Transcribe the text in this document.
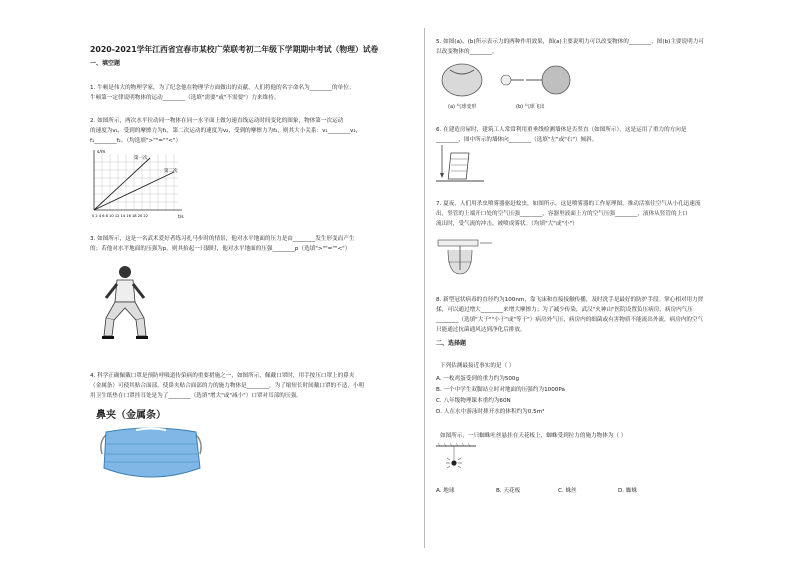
2020-2021学年江西省宜春市某校广荣联考初二年级下学期期中考试（物理）试卷
一、填空题
1. 牛顿是伟大的物理学家，为了纪念他在物理学方面做出的贡献，人们将他的名字命名为________的单位；
牛顿第一定律说明物体的运动________（选填"需要"或"不需要"）力来维持。
2. 如图所示，两次水平拉动同一物体在同一水平面上做匀速直线运动时间变化的图象，物体第一次运动
的速度为v₁，受到的摩擦力为f₁，第二次运动的速度为v₂，受到的摩擦力为f₂，则其大小关系：v₁________v₂，
f₁________f₂。（均选填">""=""<"）
s/m
t/s
第一次
第二次
0 2 4 6 8 10 12 14 16 18 20 22
3. 如图所示，这是一名武术爱好者练习扎马步时的情景，他对水平地面的压力是由________发生形变而产生
的；若他对水平地面的压强为p，则其抬起一只脚时，他对水平地面的压强________p（选填">""=""<"）
4. 科学正确佩戴口罩是预防呼吸道传染病的重要措施之一，如图所示，佩戴口罩时，用手按压口罩上的鼻夹
（金属条）可使其贴合面部，使鼻夹贴合面部的力的施力物体是________，为了缩短长时间戴口罩的不适，小明
用卫生纸垫在口罩挂耳处是为了________（选填"增大"或"减小"）口罩对耳部的压强。
鼻夹（金属条）
5. 如图(a)、(b)所示表示力的两种作用效果，图(a)主要说明力可以改变物体的________，图(b)主要说明力可
以改变物体的________。
(a) 气球变形	(b) 气球飞出
6. 在建造房屋时，建筑工人常常利用重垂线检测墙体是否竖直（如图所示），这是运用了重力的方向是
________，图中所示的墙体向________（选填"左"或"右"）倾斜。
7. 夏夜，人们用杀虫喷雾器驱赶蚊虫，如图所示，这是喷雾器的工作原理图，推动活塞往空气从小孔迅速流
出，竖管的上端开口处的空气压强________，容器里液面上方的空气压强________，液体从竖管的上口
流出时，受气流的冲击，被喷成雾状。（均填"大"或"小"）
8. 新型冠状病毒的直径约为100nm，靠飞沫和直接接触传播，及时洗手是最好的防护手段。掌心相对用力搓
揉，可以通过增大________来增大摩擦力；为了减少传染，武汉"火神山"医院设置负压病房，病房内气压
________（选填"大于""小于"或"等于"）病房外气压，病房内的细菌或有害物质不能流出外流，病房内的空气
只能通过抗菌通风达到净化后排放。
二、选择题
下列估测最接近事实的是（ ）
A. 一枚鸡蛋受到的重力约为500g
B. 一个中学生双脚站立时对地面的压强约为1000Pa
C. 八年级物理课本重约为60N
D. 人在水中游泳时排开水的体积约为0.5m³
如图所示，一只蜘蛛吐丝悬挂在天花板上，蜘蛛受到拉力的施力物体为（ ）
A. 地球	B. 天花板	C. 蛛丝	D. 蜘蛛
